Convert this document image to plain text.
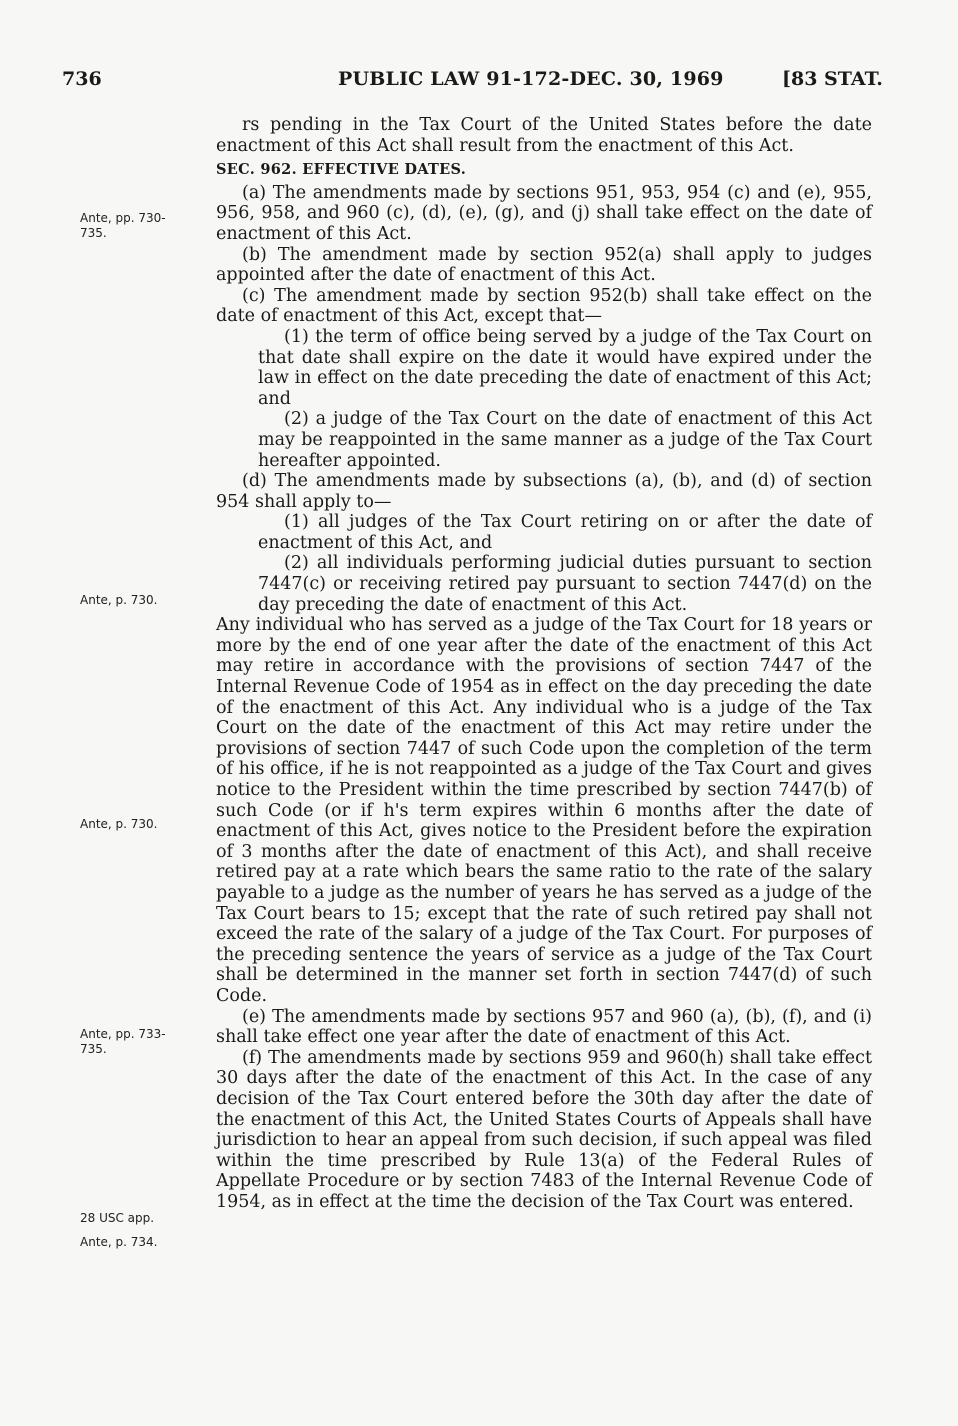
736	PUBLIC LAW 91-172-DEC. 30, 1969	[83 STAT.
Ante, pp. 730-735.
Ante, p. 730.
Ante, p. 730.
Ante, pp. 733-735.
28 USC app.
Ante, p. 734.

rs pending in the Tax Court of the United States before the date enactment of this Act shall result from the enactment of this Act.

SEC. 962. EFFECTIVE DATES.

(a) The amendments made by sections 951, 953, 954 (c) and (e), 955, 956, 958, and 960 (c), (d), (e), (g), and (j) shall take effect on the date of enactment of this Act.

(b) The amendment made by section 952(a) shall apply to judges appointed after the date of enactment of this Act.

(c) The amendment made by section 952(b) shall take effect on the date of enactment of this Act, except that—

(1) the term of office being served by a judge of the Tax Court on that date shall expire on the date it would have expired under the law in effect on the date preceding the date of enactment of this Act; and

(2) a judge of the Tax Court on the date of enactment of this Act may be reappointed in the same manner as a judge of the Tax Court hereafter appointed.

(d) The amendments made by subsections (a), (b), and (d) of section 954 shall apply to—

(1) all judges of the Tax Court retiring on or after the date of enactment of this Act, and

(2) all individuals performing judicial duties pursuant to section 7447(c) or receiving retired pay pursuant to section 7447(d) on the day preceding the date of enactment of this Act.

Any individual who has served as a judge of the Tax Court for 18 years or more by the end of one year after the date of the enactment of this Act may retire in accordance with the provisions of section 7447 of the Internal Revenue Code of 1954 as in effect on the day preceding the date of the enactment of this Act. Any individual who is a judge of the Tax Court on the date of the enactment of this Act may retire under the provisions of section 7447 of such Code upon the completion of the term of his office, if he is not reappointed as a judge of the Tax Court and gives notice to the President within the time prescribed by section 7447(b) of such Code (or if h's term expires within 6 months after the date of enactment of this Act, gives notice to the President before the expiration of 3 months after the date of enactment of this Act), and shall receive retired pay at a rate which bears the same ratio to the rate of the salary payable to a judge as the number of years he has served as a judge of the Tax Court bears to 15; except that the rate of such retired pay shall not exceed the rate of the salary of a judge of the Tax Court. For purposes of the preceding sentence the years of service as a judge of the Tax Court shall be determined in the manner set forth in section 7447(d) of such Code.

(e) The amendments made by sections 957 and 960 (a), (b), (f), and (i) shall take effect one year after the date of enactment of this Act.

(f) The amendments made by sections 959 and 960(h) shall take effect 30 days after the date of the enactment of this Act. In the case of any decision of the Tax Court entered before the 30th day after the date of the enactment of this Act, the United States Courts of Appeals shall have jurisdiction to hear an appeal from such decision, if such appeal was filed within the time prescribed by Rule 13(a) of the Federal Rules of Appellate Procedure or by section 7483 of the Internal Revenue Code of 1954, as in effect at the time the decision of the Tax Court was entered.
